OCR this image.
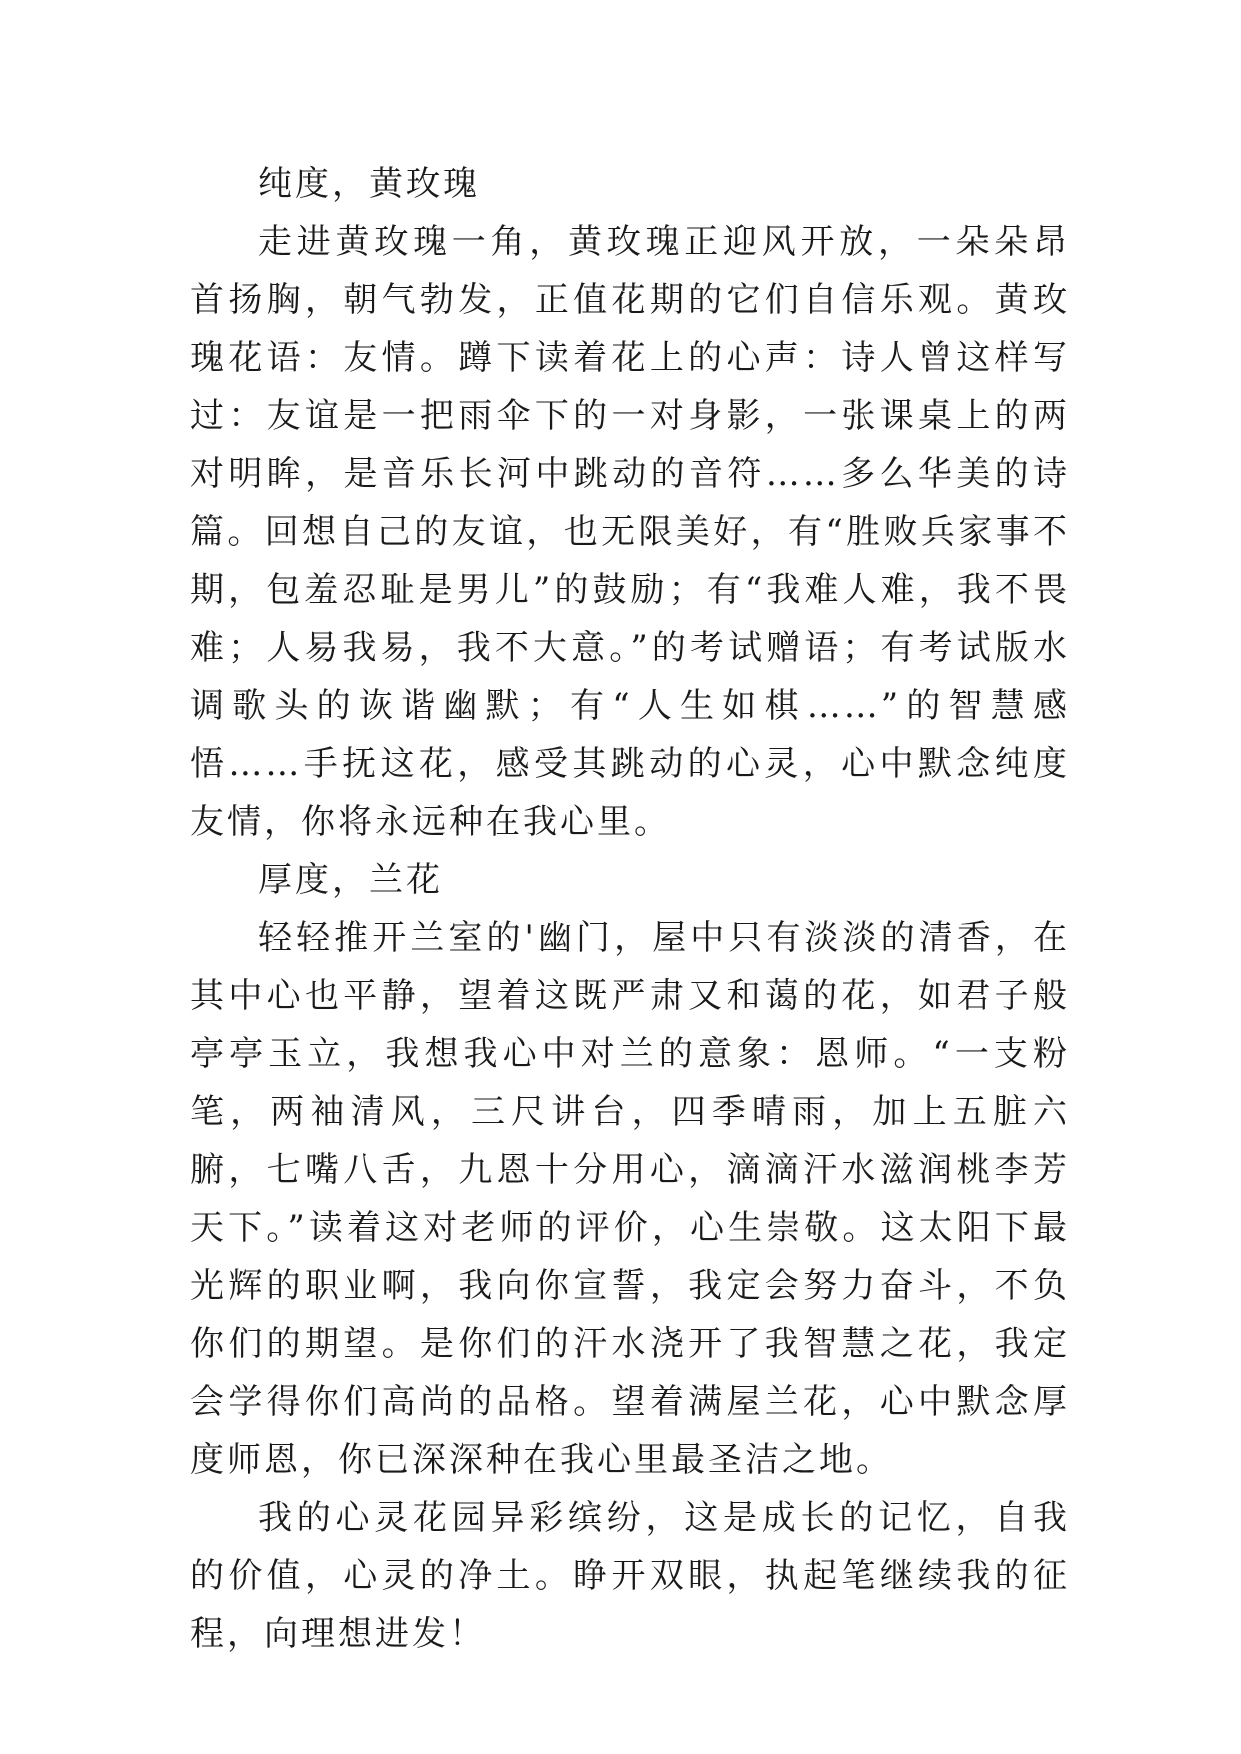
纯度，黄玫瑰

走进黄玫瑰一角，黄玫瑰正迎风开放，一朵朵昂首扬胸，朝气勃发，正值花期的它们自信乐观。黄玫瑰花语：友情。蹲下读着花上的心声：诗人曾这样写过：友谊是一把雨伞下的一对身影，一张课桌上的两对明眸，是音乐长河中跳动的音符……多么华美的诗篇。回想自己的友谊，也无限美好，有“胜败兵家事不期，包羞忍耻是男儿”的鼓励；有“我难人难，我不畏难；人易我易，我不大意。”的考试赠语；有考试版水调歌头的诙谐幽默；有“人生如棋……”的智慧感悟……手抚这花，感受其跳动的心灵，心中默念纯度友情，你将永远种在我心里。

厚度，兰花

轻轻推开兰室的'幽门，屋中只有淡淡的清香，在其中心也平静，望着这既严肃又和蔼的花，如君子般亭亭玉立，我想我心中对兰的意象：恩师。“一支粉笔，两袖清风，三尺讲台，四季晴雨，加上五脏六腑，七嘴八舌，九恩十分用心，滴滴汗水滋润桃李芳天下。”读着这对老师的评价，心生崇敬。这太阳下最光辉的职业啊，我向你宣誓，我定会努力奋斗，不负你们的期望。是你们的汗水浇开了我智慧之花，我定会学得你们高尚的品格。望着满屋兰花，心中默念厚度师恩，你已深深种在我心里最圣洁之地。

我的心灵花园异彩缤纷，这是成长的记忆，自我的价值，心灵的净土。睁开双眼，执起笔继续我的征程，向理想进发！
